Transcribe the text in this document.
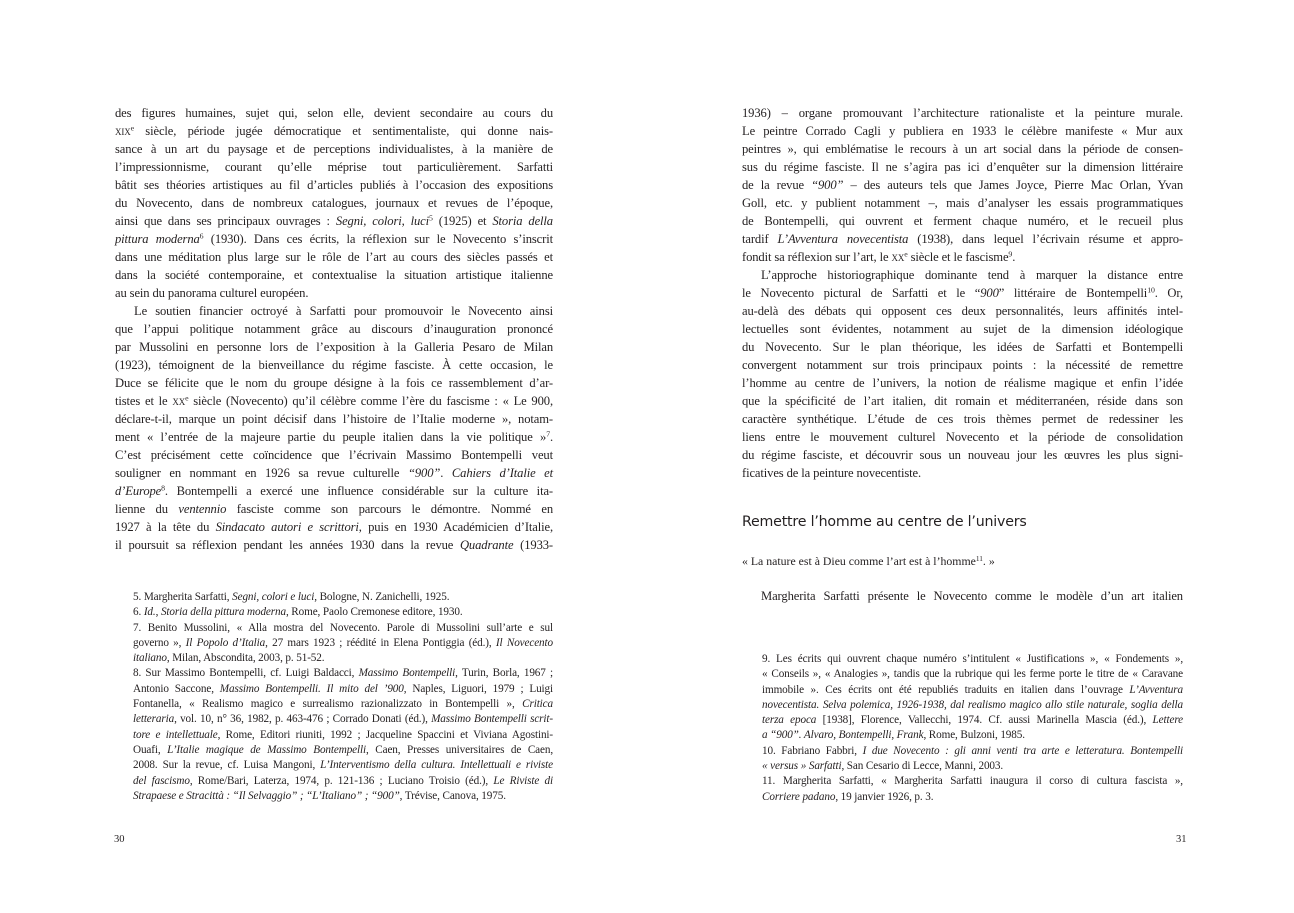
des figures humaines, sujet qui, selon elle, devient secondaire au cours du
xix$^e$ siècle, période jugée démocratique et sentimentaliste, qui donne nais-
sance à un art du paysage et de perceptions individualistes, à la manière de
l’impressionnisme, courant qu’elle méprise tout particulièrement. Sarfatti
bâtit ses théories artistiques au fil d’articles publiés à l’occasion des expositions
du Novecento, dans de nombreux catalogues, journaux et revues de l’époque,
ainsi que dans ses principaux ouvrages : Segni, colori, luci$^5$ (1925) et Storia della
pittura moderna$^6$ (1930). Dans ces écrits, la réflexion sur le Novecento s’inscrit
dans une méditation plus large sur le rôle de l’art au cours des siècles passés et
dans la société contemporaine, et contextualise la situation artistique italienne
au sein du panorama culturel européen.
Le soutien financier octroyé à Sarfatti pour promouvoir le Novecento ainsi
que l’appui politique notamment grâce au discours d’inauguration prononcé
par Mussolini en personne lors de l’exposition à la Galleria Pesaro de Milan
(1923), témoignent de la bienveillance du régime fasciste. À cette occasion, le
Duce se félicite que le nom du groupe désigne à la fois ce rassemblement d’ar-
tistes et le $xx^e$ siècle (Novecento) qu’il célèbre comme l’ère du fascisme : « Le 900,
déclare-t-il, marque un point décisif dans l’histoire de l’Italie moderne », notam-
ment « l’entrée de la majeure partie du peuple italien dans la vie politique »$^7$.
C’est précisément cette coïncidence que l’écrivain Massimo Bontempelli veut
souligner en nommant en 1926 sa revue culturelle “900”. Cahiers d’Italie et
d’Europe$^8$. Bontempelli a exercé une influence considérable sur la culture ita-
lienne du ventennio fasciste comme son parcours le démontre. Nommé en
1927 à la tête du Sindacato autori e scrittori, puis en 1930 Académicien d’Italie,
il poursuit sa réflexion pendant les années 1930 dans la revue Quadrante (1933-
5. Margherita Sarfatti, Segni, colori e luci, Bologne, N. Zanichelli, 1925.
6. Id., Storia della pittura moderna, Rome, Paolo Cremonese editore, 1930.
7. Benito Mussolini, « Alla mostra del Novecento. Parole di Mussolini sull’arte e sul
governo », Il Popolo d’Italia, 27 mars 1923 ; réédité in Elena Pontiggia (éd.), Il Novecento
italiano, Milan, Abscondita, 2003, p. 51-52.
8. Sur Massimo Bontempelli, cf. Luigi Baldacci, Massimo Bontempelli, Turin, Borla, 1967 ;
Antonio Saccone, Massimo Bontempelli. Il mito del ’900, Naples, Liguori, 1979 ; Luigi
Fontanella, « Realismo magico e surrealismo razionalizzato in Bontempelli », Critica
letteraria, vol. 10, n° 36, 1982, p. 463-476 ; Corrado Donati (éd.), Massimo Bontempelli scrit-
tore e intellettuale, Rome, Editori riuniti, 1992 ; Jacqueline Spaccini et Viviana Agostini-
Ouafi, L’Italie magique de Massimo Bontempelli, Caen, Presses universitaires de Caen,
2008. Sur la revue, cf. Luisa Mangoni, L’Interventismo della cultura. Intellettuali e riviste
del fascismo, Rome/Bari, Laterza, 1974, p. 121-136 ; Luciano Troisio (éd.), Le Riviste di
Strapaese e Stracittà : “Il Selvaggio” ; “L’Italiano” ; “900”, Trévise, Canova, 1975.
30
1936) – organe promouvant l’architecture rationaliste et la peinture murale.
Le peintre Corrado Cagli y publiera en 1933 le célèbre manifeste « Mur aux
peintres », qui emblématise le recours à un art social dans la période de consen-
sus du régime fasciste. Il ne s’agira pas ici d’enquêter sur la dimension littéraire
de la revue “900” – des auteurs tels que James Joyce, Pierre Mac Orlan, Yvan
Goll, etc. y publient notamment –, mais d’analyser les essais programmatiques
de Bontempelli, qui ouvrent et ferment chaque numéro, et le recueil plus
tardif L’Avventura novecentista (1938), dans lequel l’écrivain résume et appro-
fondit sa réflexion sur l’art, le $xx^e$ siècle et le fascisme$^9$.
L’approche historiographique dominante tend à marquer la distance entre
le Novecento pictural de Sarfatti et le “900” littéraire de Bontempelli$^{10}$. Or,
au-delà des débats qui opposent ces deux personnalités, leurs affinités intel-
lectuelles sont évidentes, notamment au sujet de la dimension idéologique
du Novecento. Sur le plan théorique, les idées de Sarfatti et Bontempelli
convergent notamment sur trois principaux points : la nécessité de remettre
l’homme au centre de l’univers, la notion de réalisme magique et enfin l’idée
que la spécificité de l’art italien, dit romain et méditerranéen, réside dans son
caractère synthétique. L’étude de ces trois thèmes permet de redessiner les
liens entre le mouvement culturel Novecento et la période de consolidation
du régime fasciste, et découvrir sous un nouveau jour les œuvres les plus signi-
ficatives de la peinture novecentiste.
Remettre l’homme au centre de l’univers
« La nature est à Dieu comme l’art est à l’homme$^{11}$. »
Margherita Sarfatti présente le Novecento comme le modèle d’un art italien
9. Les écrits qui ouvrent chaque numéro s’intitulent « Justifications », « Fondements »,
« Conseils », « Analogies », tandis que la rubrique qui les ferme porte le titre de « Caravane
immobile ». Ces écrits ont été republiés traduits en italien dans l’ouvrage L’Avventura
novecentista. Selva polemica, 1926-1938, dal realismo magico allo stile naturale, soglia della
terza epoca [1938], Florence, Vallecchi, 1974. Cf. aussi Marinella Mascia (éd.), Lettere
a “900”. Alvaro, Bontempelli, Frank, Rome, Bulzoni, 1985.
10. Fabriano Fabbri, I due Novecento : gli anni venti tra arte e letteratura. Bontempelli
« versus » Sarfatti, San Cesario di Lecce, Manni, 2003.
11. Margherita Sarfatti, « Margherita Sarfatti inaugura il corso di cultura fascista »,
Corriere padano, 19 janvier 1926, p. 3.
31
